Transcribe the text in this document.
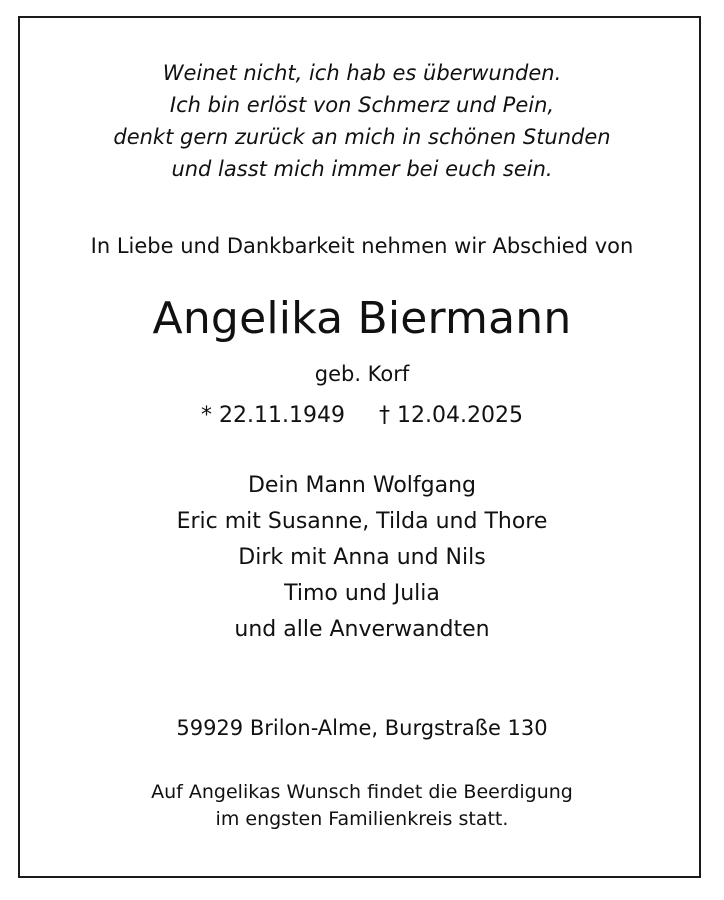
Weinet nicht, ich hab es überwunden.
Ich bin erlöst von Schmerz und Pein,
denkt gern zurück an mich in schönen Stunden
und lasst mich immer bei euch sein.
In Liebe und Dankbarkeit nehmen wir Abschied von
Angelika Biermann
geb. Korf
* 22.11.1949 † 12.04.2025
Dein Mann Wolfgang
Eric mit Susanne, Tilda und Thore
Dirk mit Anna und Nils
Timo und Julia
und alle Anverwandten
59929 Brilon-Alme, Burgstraße 130
Auf Angelikas Wunsch findet die Beerdigung
im engsten Familienkreis statt.
